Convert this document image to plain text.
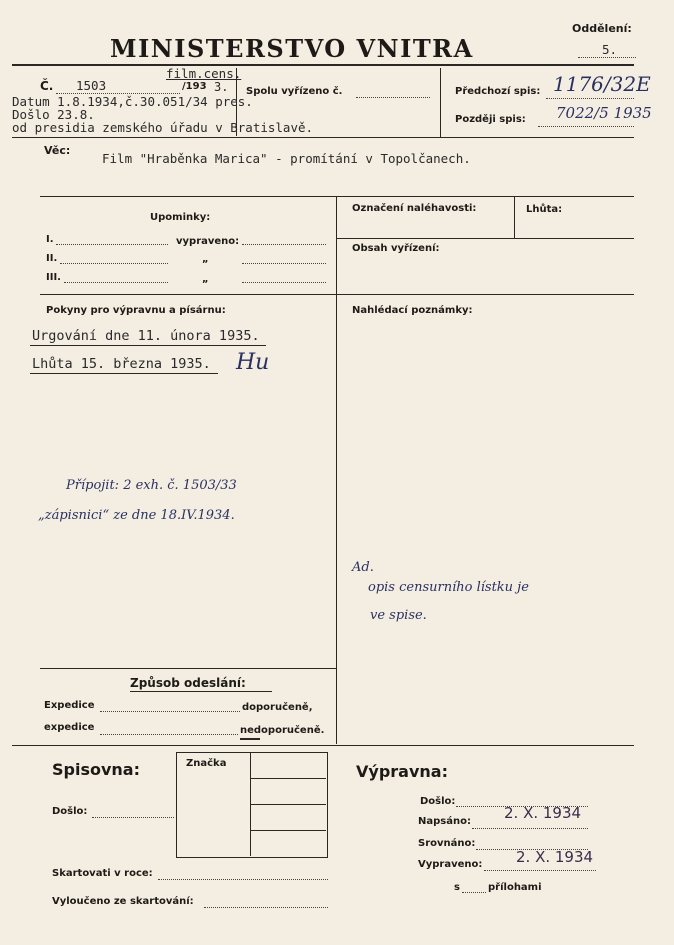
Oddělení:
MINISTERSTVO VNITRA	5.
film.cens.
Č. 1503	/193 3. Spolu vyřízeno č.
Datum 1.8.1934,č.30.051/34 pres.
Došlo 23.8.
od presidia zemského úřadu v Bratislavě.
Předchozí spis: 1176/32E
Později spis: 7022/5 1935
Věc:
Film "Hraběnka Marica" - promítání v Topolčanech.
Upominky:
I.	vypraveno:
II.	„
III.	„
Označení naléhavosti:	Lhůta:
Obsah vyřízení:
Pokyny pro výpravnu a písárnu:
Urgování dne 11. února 1935.
Lhůta 15. března 1935. Hu
Přípojit: 2 exh. č. 1503/33
„zápisnici“ ze dne 18.IV.1934.
Nahlédací poznámky:
Ad.
opis censurního lístku je
ve spise.
Způsob odeslání:
Expedice	doporučeně,
expedice	nedoporučeně.
Spisovna:	Značka
Došlo:
Skartovati v roce:
Vyloučeno ze skartování:
Výpravna:
Došlo:
Napsáno: 2. X. 1934
Srovnáno:
Vypraveno: 2. X. 1934
s	přílohami
